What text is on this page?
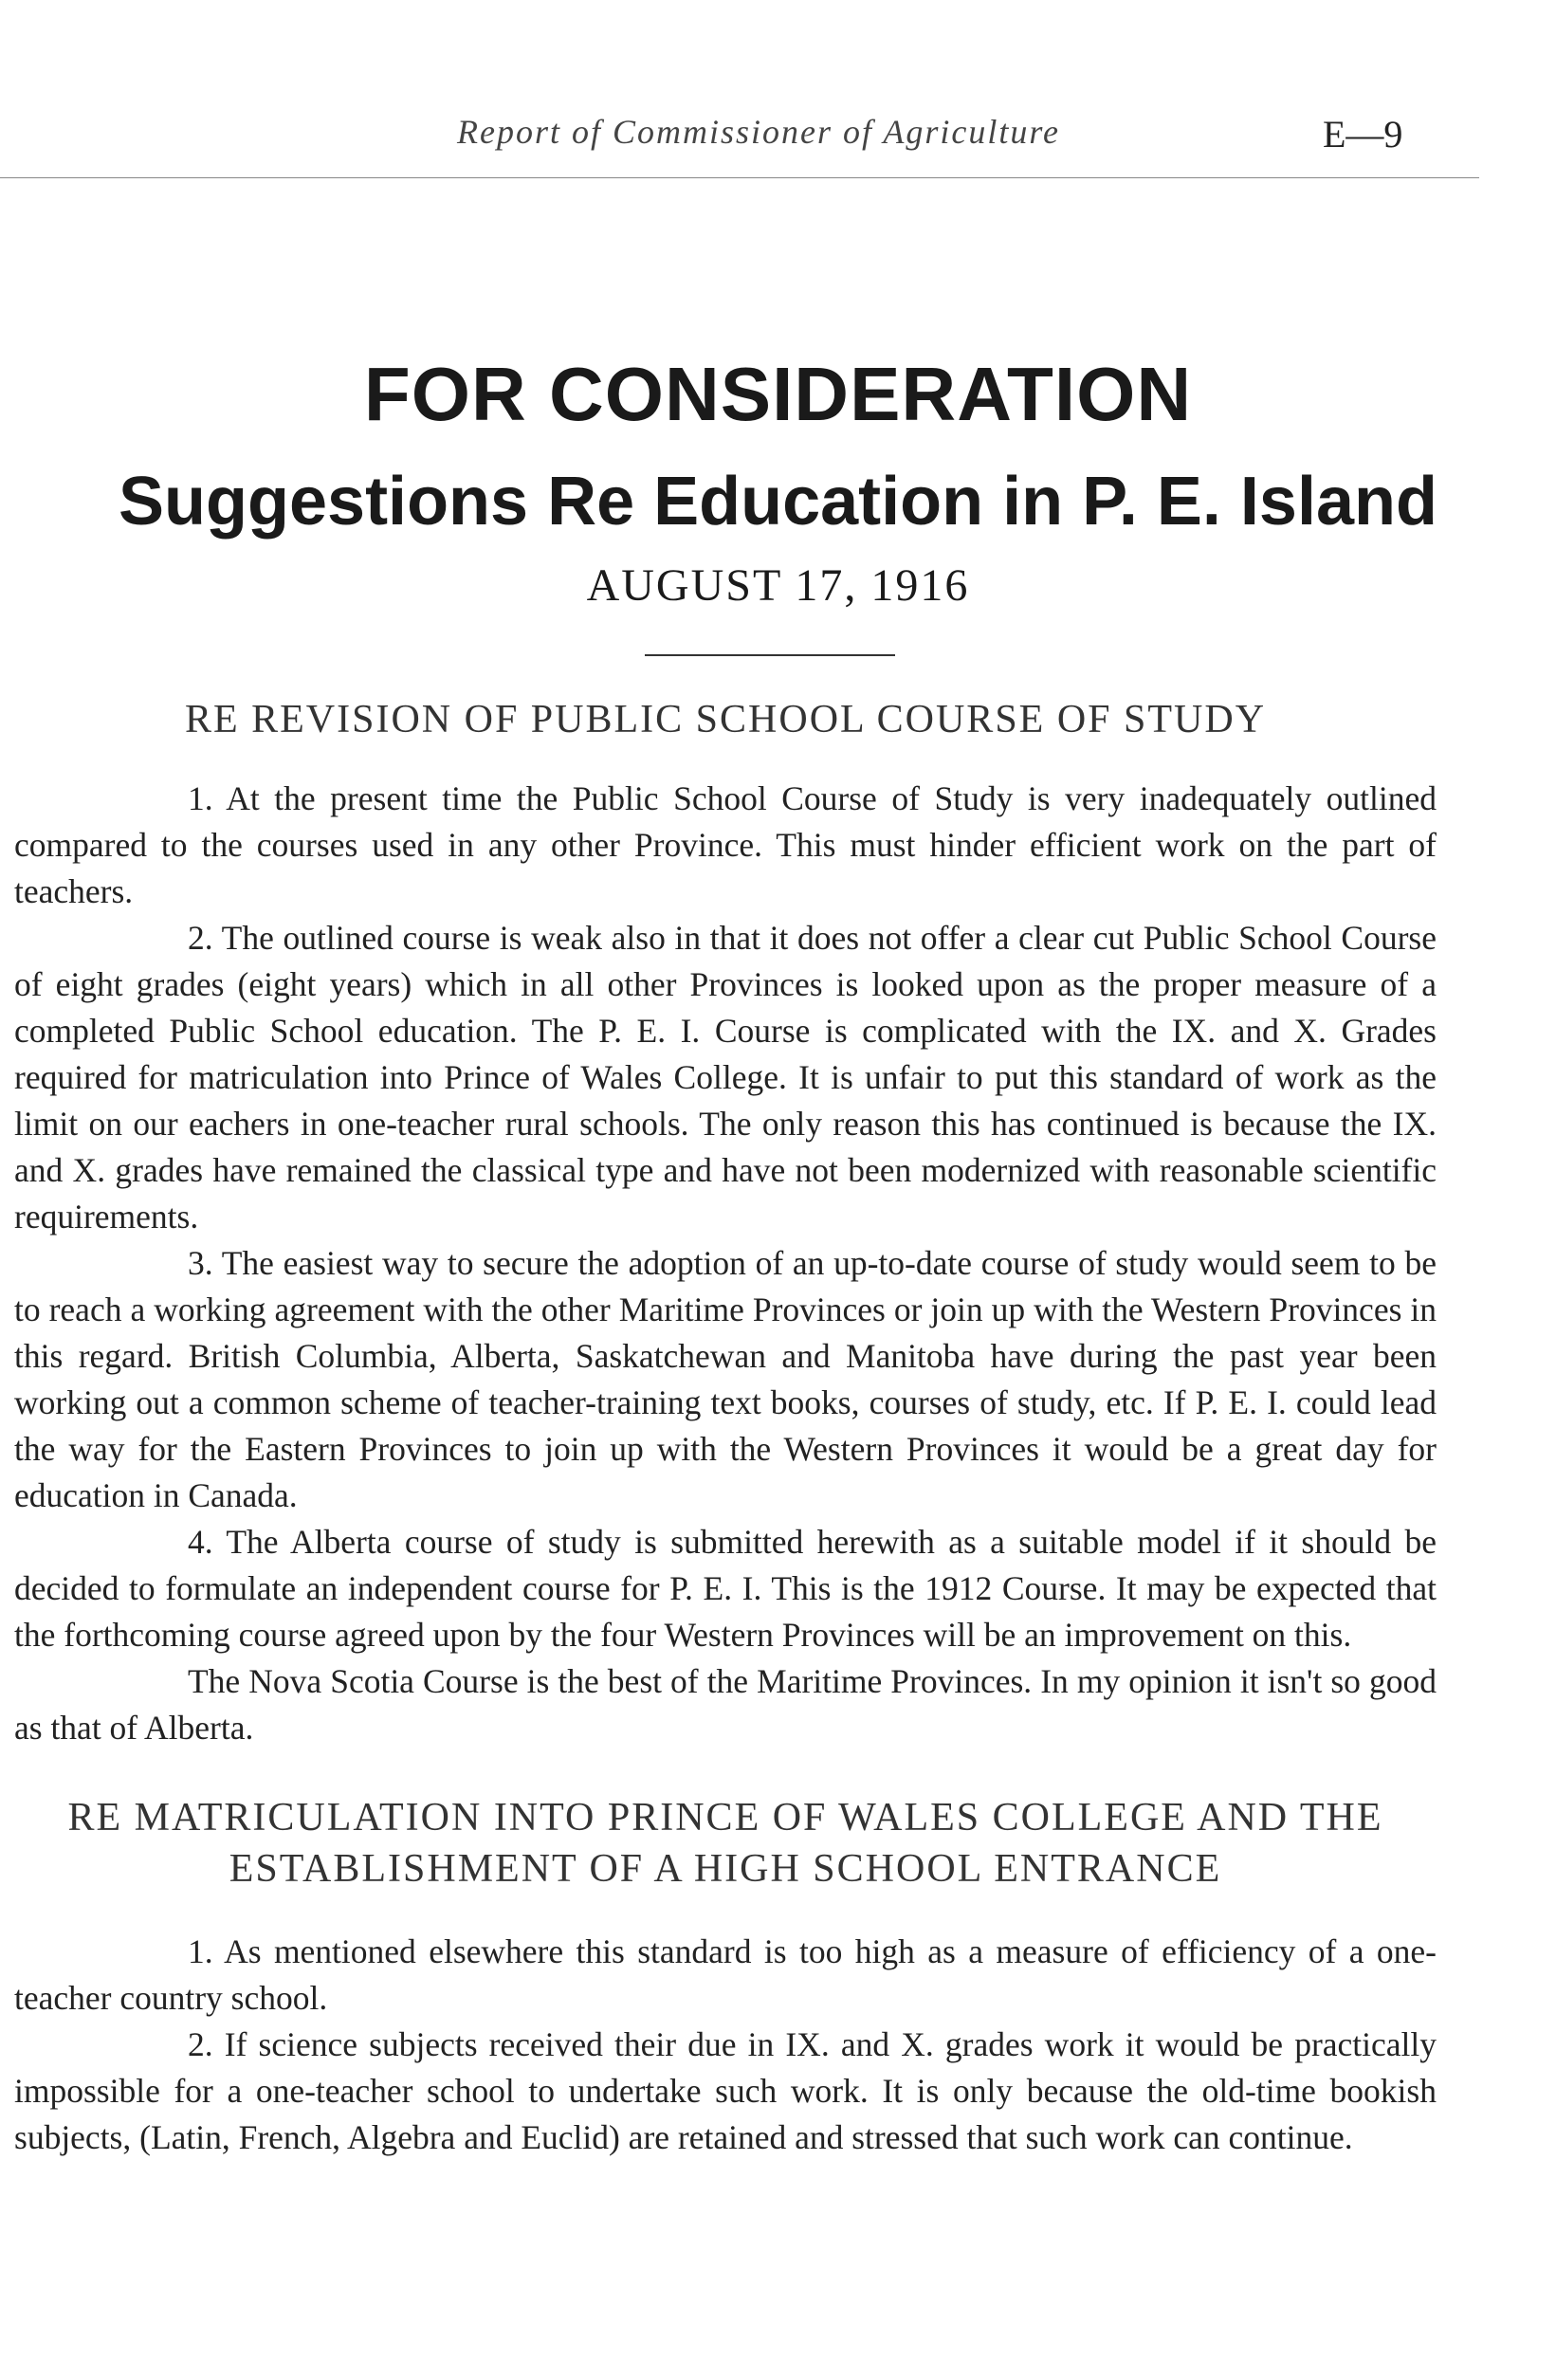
Report of Commissioner of Agriculture	E—9
FOR CONSIDERATION
Suggestions Re Education in P. E. Island

AUGUST 17, 1916

RE REVISION OF PUBLIC SCHOOL COURSE OF STUDY

1. At the present time the Public School Course of Study is very inadequately outlined compared to the courses used in any other Province. This must hinder efficient work on the part of teachers.

2. The outlined course is weak also in that it does not offer a clear cut Public School Course of eight grades (eight years) which in all other Provinces is looked upon as the proper measure of a completed Public School education. The P. E. I. Course is complicated with the IX. and X. Grades required for matriculation into Prince of Wales College. It is unfair to put this standard of work as the limit on our eachers in one-teacher rural schools. The only reason this has continued is because the IX. and X. grades have remained the classical type and have not been modernized with reasonable scientific requirements.

3. The easiest way to secure the adoption of an up-to-date course of study would seem to be to reach a working agreement with the other Maritime Provinces or join up with the Western Provinces in this regard. British Columbia, Alberta, Saskatchewan and Manitoba have during the past year been working out a common scheme of teacher-training text books, courses of study, etc. If P. E. I. could lead the way for the Eastern Provinces to join up with the Western Provinces it would be a great day for education in Canada.

4. The Alberta course of study is submitted herewith as a suitable model if it should be decided to formulate an independent course for P. E. I. This is the 1912 Course. It may be expected that the forthcoming course agreed upon by the four Western Provinces will be an improvement on this.

The Nova Scotia Course is the best of the Maritime Provinces. In my opinion it isn't so good as that of Alberta.

RE MATRICULATION INTO PRINCE OF WALES COLLEGE AND THE ESTABLISHMENT OF A HIGH SCHOOL ENTRANCE

1. As mentioned elsewhere this standard is too high as a measure of efficiency of a one-teacher country school.

2. If science subjects received their due in IX. and X. grades work it would be practically impossible for a one-teacher school to undertake such work. It is only because the old-time bookish subjects, (Latin, French, Algebra and Euclid) are retained and stressed that such work can continue.
